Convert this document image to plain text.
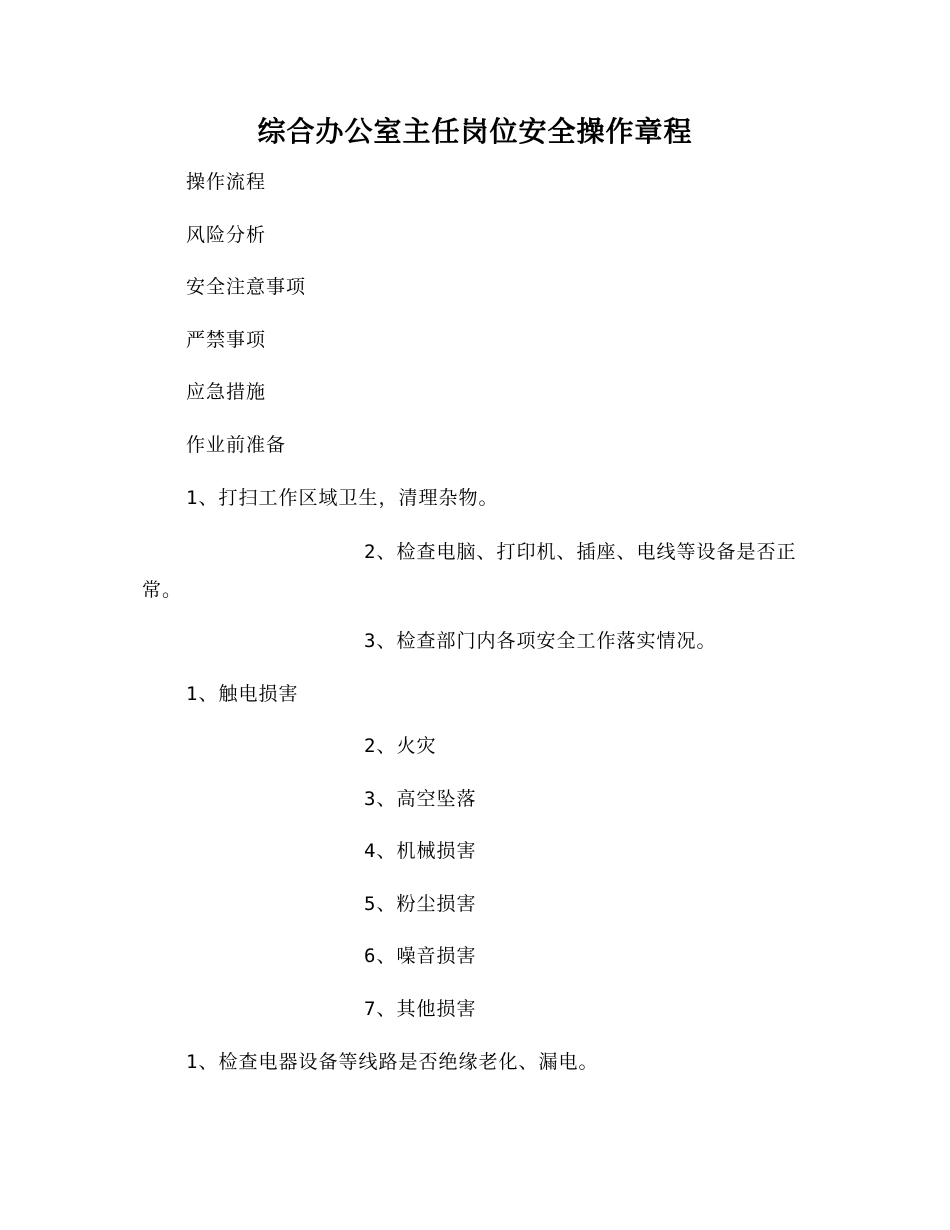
综合办公室主任岗位安全操作章程

操作流程

风险分析

安全注意事项

严禁事项

应急措施

作业前准备

1、打扫工作区域卫生，清理杂物。

2、检查电脑、打印机、插座、电线等设备是否正常。

3、检查部门内各项安全工作落实情况。

1、触电损害

2、火灾

3、高空坠落

4、机械损害

5、粉尘损害

6、噪音损害

7、其他损害

1、检查电器设备等线路是否绝缘老化、漏电。
